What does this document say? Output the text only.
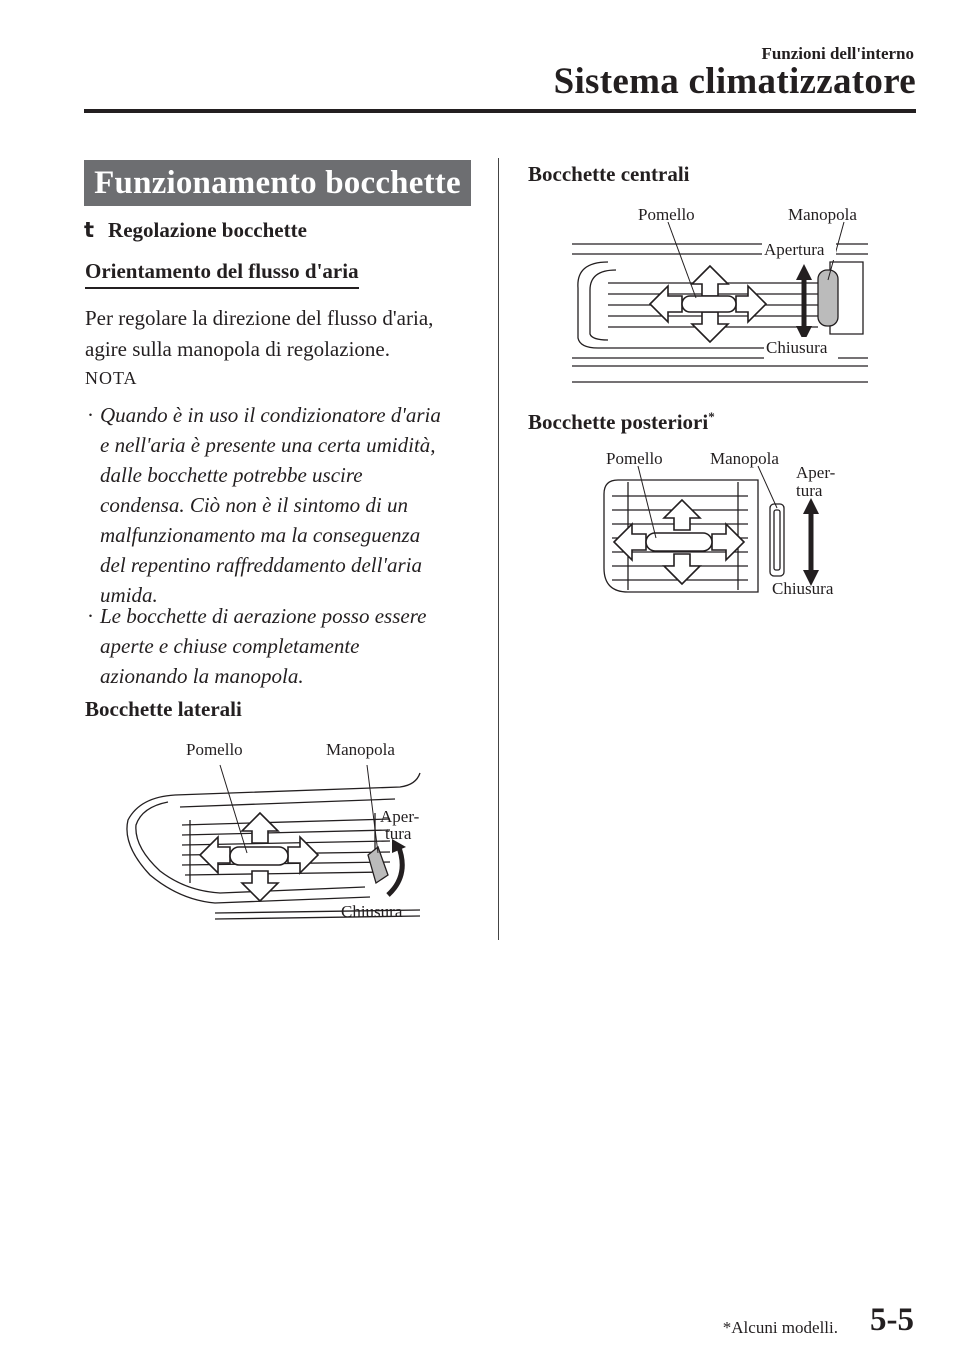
Funzioni dell'interno
Sistema climatizzatore
Funzionamento bocchette
t Regolazione bocchette
Orientamento del flusso d'aria
Per regolare la direzione del flusso d'aria,
agire sulla manopola di regolazione.
NOTA
· Quando è in uso il condizionatore d'aria
e nell'aria è presente una certa umidità,
dalle bocchette potrebbe uscire
condensa. Ciò non è il sintomo di un
malfunzionamento ma la conseguenza
del repentino raffreddamento dell'aria
umida.
· Le bocchette di aerazione posso essere
aperte e chiuse completamente
azionando la manopola.
Bocchette laterali
Pomello	Manopola
Aper-
tura
Chiusura
Bocchette centrali
Pomello	Manopola
Apertura
Chiusura
Bocchette posteriori*
Pomello	Manopola
Aper-
tura
Chiusura
*Alcuni modelli. 5-5
